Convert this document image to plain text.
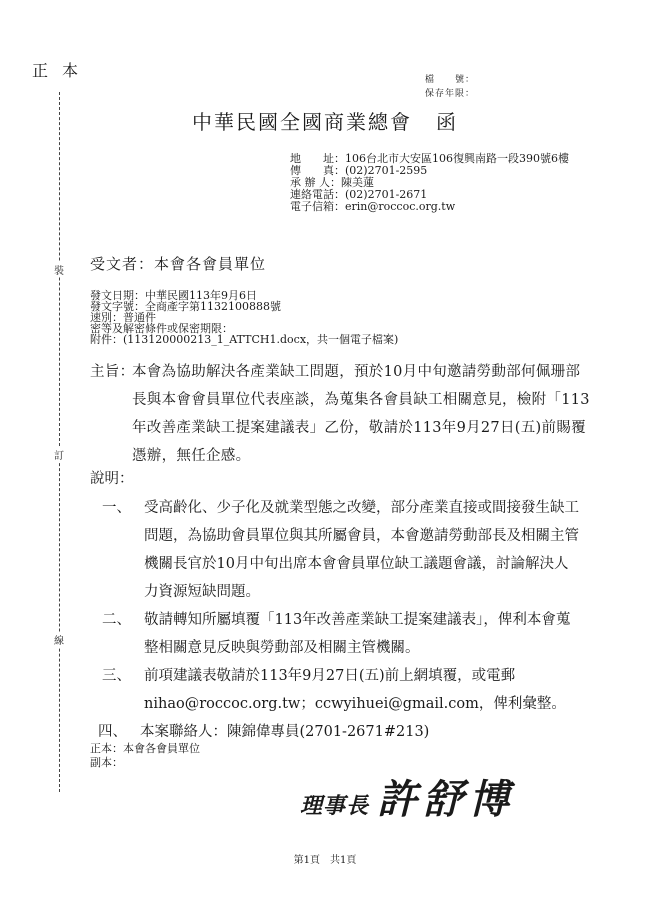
正本	檔　　號：
保存年限：
中華民國全國商業總會 函
裝
訂
線
地　　址： 106台北市大安區106復興南路一段390號6樓
傳　　真： (02)2701-2595
承 辦 人： 陳美蓮
連絡電話： (02)2701-2671
電子信箱： erin@roccoc.org.tw
受文者：本會各會員單位
發文日期：中華民國113年9月6日
發文字號：全商產字第1132100888號
速別：普通件
密等及解密條件或保密期限：
附件：(113120000213_1_ATTCH1.docx，共一個電子檔案)
主旨：
本會為協助解決各產業缺工問題，預於10月中旬邀請勞動部何佩珊部長與本會會員單位代表座談，為蒐集各會員缺工相關意見，檢附「113年改善產業缺工提案建議表」乙份，敬請於113年9月27日(五)前賜覆憑辦，無任企感。
說明：
一、 受高齡化、少子化及就業型態之改變，部分產業直接或間接發生缺工問題，為協助會員單位與其所屬會員，本會邀請勞動部長及相關主管機關長官於10月中旬出席本會會員單位缺工議題會議，討論解決人力資源短缺問題。
二、 敬請轉知所屬填覆「113年改善產業缺工提案建議表」，俾利本會蒐整相關意見反映與勞動部及相關主管機關。
三、 前項建議表敬請於113年9月27日(五)前上網填覆，或電郵nihao@roccoc.org.tw；ccwyihuei@gmail.com，俾利彙整。
四、 本案聯絡人：陳錦偉專員(2701-2671#213)
正本：本會各會員單位
副本：
理事長 許舒博
第1頁　共1頁
